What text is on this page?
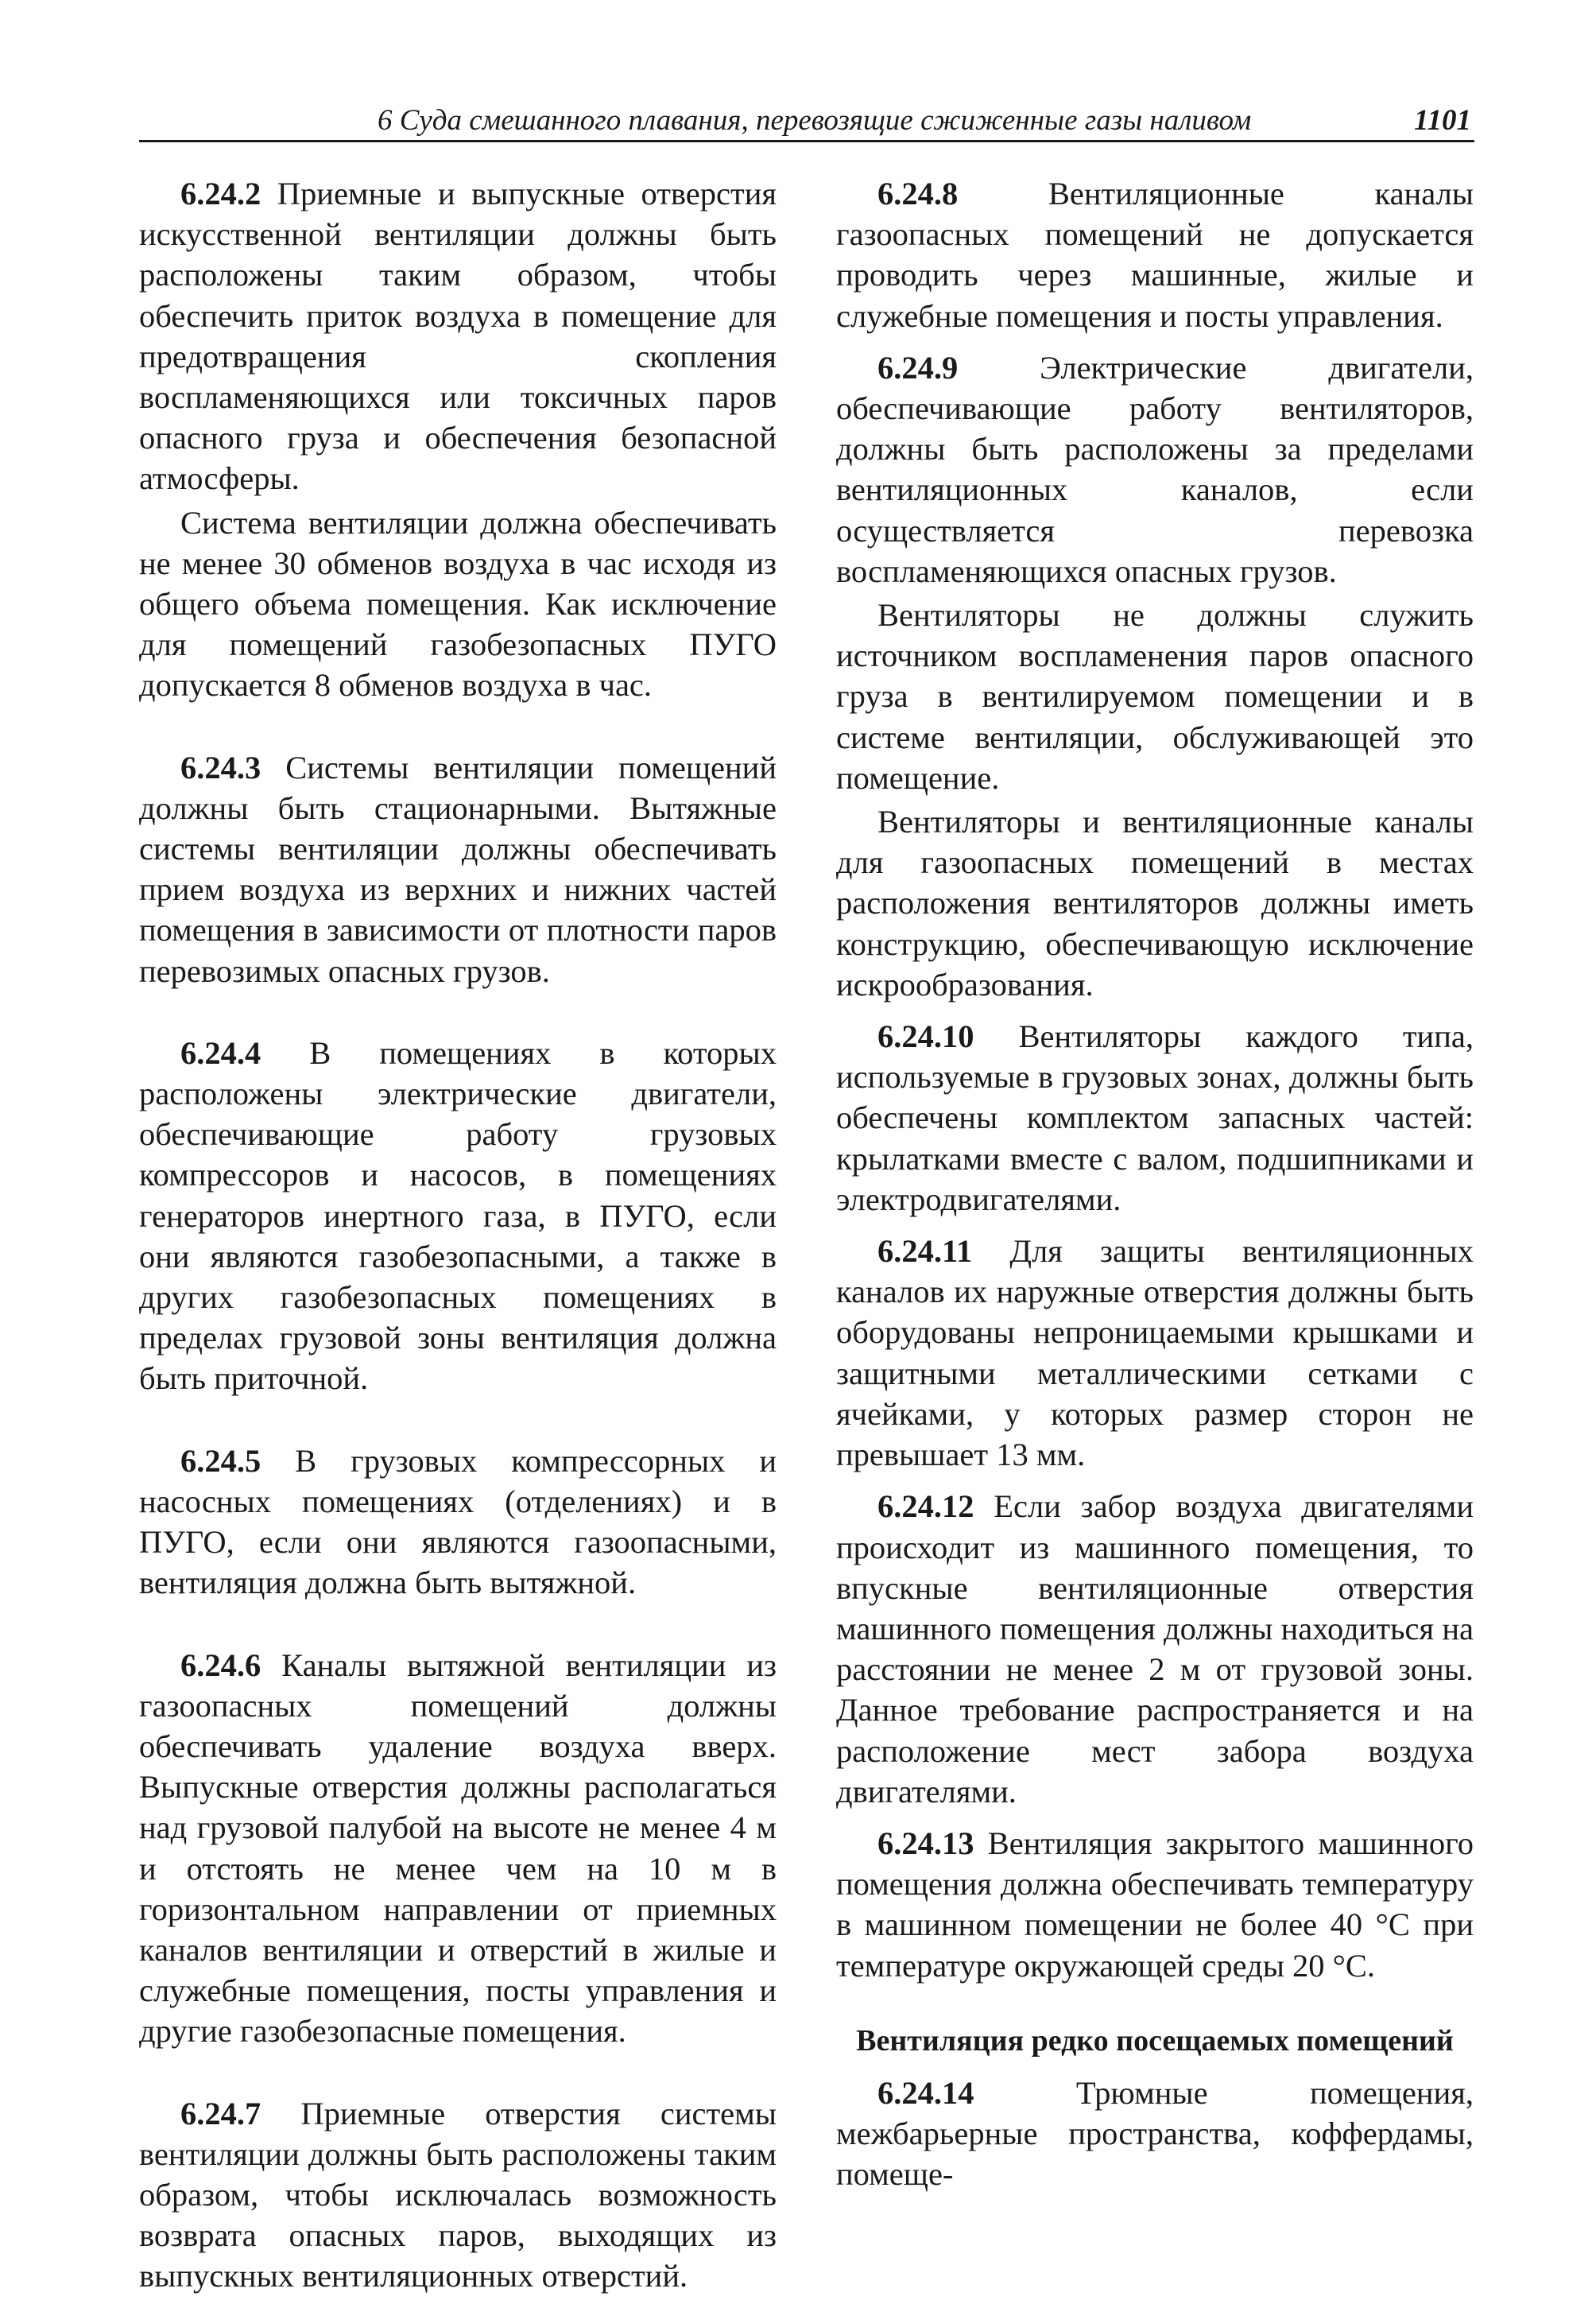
6 Суда смешанного плавания, перевозящие сжиженные газы наливом	1101

6.24.2 Приемные и выпускные отверстия искусственной вентиляции должны быть расположены таким образом, чтобы обеспечить приток воздуха в помещение для предотвращения скопления воспламеняющихся или токсичных паров опасного груза и обеспечения безопасной атмосферы.

Система вентиляции должна обеспечивать не менее 30 обменов воздуха в час исходя из общего объема помещения. Как исключение для помещений газобезопасных ПУГО допускается 8 обменов воздуха в час.

6.24.3 Системы вентиляции помещений должны быть стационарными. Вытяжные системы вентиляции должны обеспечивать прием воздуха из верхних и нижних частей помещения в зависимости от плотности паров перевозимых опасных грузов.

6.24.4 В помещениях в которых расположены электрические двигатели, обеспечивающие работу грузовых компрессоров и насосов, в помещениях генераторов инертного газа, в ПУГО, если они являются газобезопасными, а также в других газобезопасных помещениях в пределах грузовой зоны вентиляция должна быть приточной.

6.24.5 В грузовых компрессорных и насосных помещениях (отделениях) и в ПУГО, если они являются газоопасными, вентиляция должна быть вытяжной.

6.24.6 Каналы вытяжной вентиляции из газоопасных помещений должны обеспечивать удаление воздуха вверх. Выпускные отверстия должны располагаться над грузовой палубой на высоте не менее 4 м и отстоять не менее чем на 10 м в горизонтальном направлении от приемных каналов вентиляции и отверстий в жилые и служебные помещения, посты управления и другие газобезопасные помещения.

6.24.7 Приемные отверстия системы вентиляции должны быть расположены таким образом, чтобы исключалась возможность возврата опасных паров, выходящих из выпускных вентиляционных отверстий.

6.24.8 Вентиляционные каналы газоопасных помещений не допускается проводить через машинные, жилые и служебные помещения и посты управления.

6.24.9 Электрические двигатели, обеспечивающие работу вентиляторов, должны быть расположены за пределами вентиляционных каналов, если осуществляется перевозка воспламеняющихся опасных грузов.

Вентиляторы не должны служить источником воспламенения паров опасного груза в вентилируемом помещении и в системе вентиляции, обслуживающей это помещение.

Вентиляторы и вентиляционные каналы для газоопасных помещений в местах расположения вентиляторов должны иметь конструкцию, обеспечивающую исключение искрообразования.

6.24.10 Вентиляторы каждого типа, используемые в грузовых зонах, должны быть обеспечены комплектом запасных частей: крылатками вместе с валом, подшипниками и электродвигателями.

6.24.11 Для защиты вентиляционных каналов их наружные отверстия должны быть оборудованы непроницаемыми крышками и защитными металлическими сетками с ячейками, у которых размер сторон не превышает 13 мм.

6.24.12 Если забор воздуха двигателями происходит из машинного помещения, то впускные вентиляционные отверстия машинного помещения должны находиться на расстоянии не менее 2 м от грузовой зоны. Данное требование распространяется и на расположение мест забора воздуха двигателями.

6.24.13 Вентиляция закрытого машинного помещения должна обеспечивать температуру в машинном помещении не более 40 °С при температуре окружающей среды 20 °С.

Вентиляция редко посещаемых помещений

6.24.14 Трюмные помещения, межбарьерные пространства, коффердамы, помеще-
